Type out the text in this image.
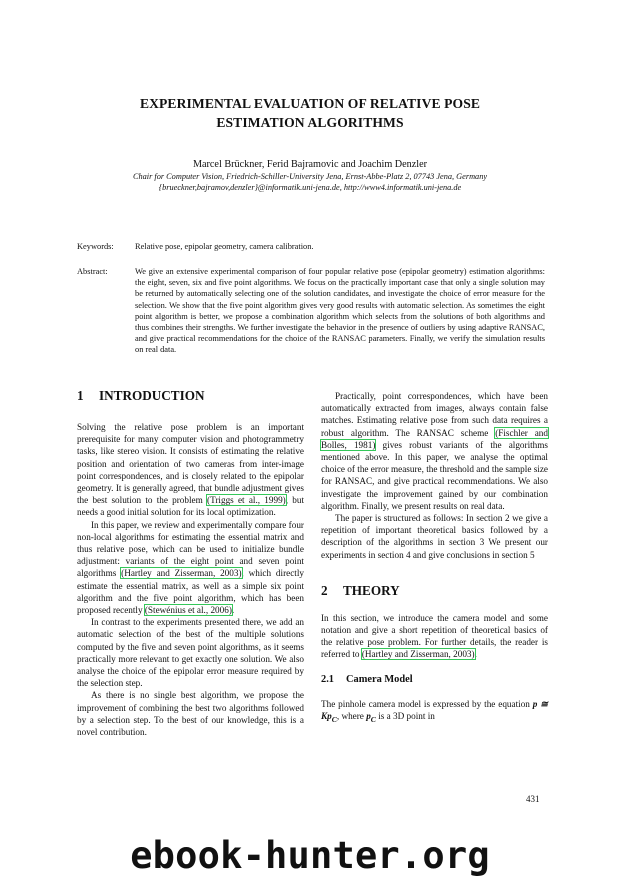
EXPERIMENTAL EVALUATION OF RELATIVE POSE
ESTIMATION ALGORITHMS
Marcel Brückner, Ferid Bajramovic and Joachim Denzler
Chair for Computer Vision, Friedrich-Schiller-University Jena, Ernst-Abbe-Platz 2, 07743 Jena, Germany
{brueckner,bajramov,denzler}@informatik.uni-jena.de, http://www4.informatik.uni-jena.de
Keywords:	Relative pose, epipolar geometry, camera calibration.
Abstract:	We give an extensive experimental comparison of four popular relative pose (epipolar geometry) estimation algorithms: the eight, seven, six and five point algorithms. We focus on the practically important case that only a single solution may be returned by automatically selecting one of the solution candidates, and investigate the choice of error measure for the selection. We show that the five point algorithm gives very good results with automatic selection. As sometimes the eight point algorithm is better, we propose a combination algorithm which selects from the solutions of both algorithms and thus combines their strengths. We further investigate the behavior in the presence of outliers by using adaptive RANSAC, and give practical recommendations for the choice of the RANSAC parameters. Finally, we verify the simulation results on real data.
1 INTRODUCTION

Solving the relative pose problem is an important prerequisite for many computer vision and photogrammetry tasks, like stereo vision. It consists of estimating the relative position and orientation of two cameras from inter-image point correspondences, and is closely related to the epipolar geometry. It is generally agreed, that bundle adjustment gives the best solution to the problem (Triggs et al., 1999), but needs a good initial solution for its local optimization.

In this paper, we review and experimentally compare four non-local algorithms for estimating the essential matrix and thus relative pose, which can be used to initialize bundle adjustment: variants of the eight point and seven point algorithms (Hartley and Zisserman, 2003), which directly estimate the essential matrix, as well as a simple six point algorithm and the five point algorithm, which has been proposed recently (Stewénius et al., 2006).

In contrast to the experiments presented there, we add an automatic selection of the best of the multiple solutions computed by the five and seven point algorithms, as it seems practically more relevant to get exactly one solution. We also analyse the choice of the epipolar error measure required by the selection step.

As there is no single best algorithm, we propose the improvement of combining the best two algorithms followed by a selection step. To the best of our knowledge, this is a novel contribution.

Practically, point correspondences, which have been automatically extracted from images, always contain false matches. Estimating relative pose from such data requires a robust algorithm. The RANSAC scheme (Fischler and Bolles, 1981) gives robust variants of the algorithms mentioned above. In this paper, we analyse the optimal choice of the error measure, the threshold and the sample size for RANSAC, and give practical recommendations. We also investigate the improvement gained by our combination algorithm. Finally, we present results on real data.

The paper is structured as follows: In section 2 we give a repetition of important theoretical basics followed by a description of the algorithms in section 3 We present our experiments in section 4 and give conclusions in section 5

2 THEORY

In this section, we introduce the camera model and some notation and give a short repetition of theoretical basics of the relative pose problem. For further details, the reader is referred to (Hartley and Zisserman, 2003).

2.1 Camera Model

The pinhole camera model is expressed by the equation p ≅ $Kp_C$, where $p_C$ is a 3D point in

431
ebook-hunter.org
